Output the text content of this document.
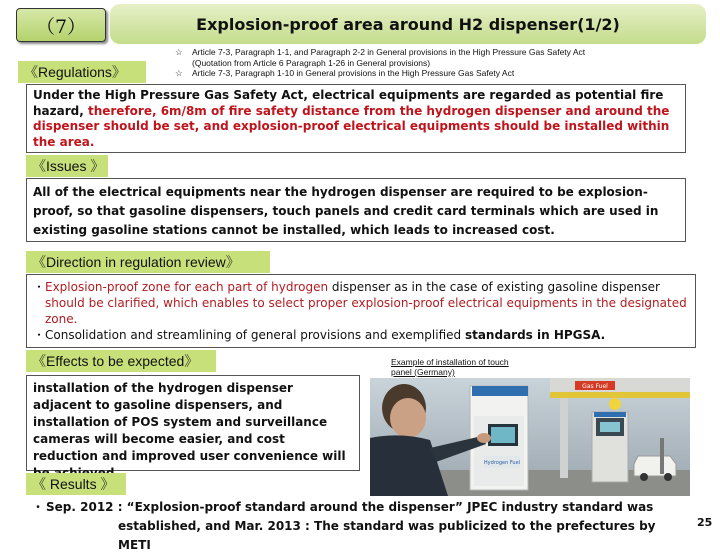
（7）	Explosion-proof area around H2 dispenser(1/2)
《Regulations》
☆	Article 7-3, Paragraph 1-1, and Paragraph 2-2 in General provisions in the High Pressure Gas Safety Act (Quotation from Article 6 Paragraph 1-26 in General provisions)
☆	Article 7-3, Paragraph 1-10 in General provisions in the High Pressure Gas Safety Act
Under the High Pressure Gas Safety Act, electrical equipments are regarded as potential fire hazard, therefore, 6m/8m of fire safety distance from the hydrogen dispenser and around the dispenser should be set, and explosion-proof electrical equipments should be installed within the area.
《Issues 》
All of the electrical equipments near the hydrogen dispenser are required to be explosion-proof, so that gasoline dispensers, touch panels and credit card terminals which are used in existing gasoline stations cannot be installed, which leads to increased cost.
《Direction in regulation review》
・ Explosion-proof zone for each part of hydrogen dispenser as in the case of existing gasoline dispenser should be clarified, which enables to select proper explosion-proof electrical equipments in the designated zone.
・ Consolidation and streamlining of general provisions and exemplified standards in HPGSA.
《Effects to be expected》
installation of the hydrogen dispenser adjacent to gasoline dispensers, and installation of POS system and surveillance cameras will become easier, and cost reduction and improved user convenience will
Example of installation of touch panel (Germany)
Gas Fuel
Hydrogen Fuel
《 Results 》
・ Sep. 2012 : “Explosion-proof standard around the dispenser” JPEC industry standard was
established, and Mar. 2013 : The standard was publicized to the prefectures by METI
25
